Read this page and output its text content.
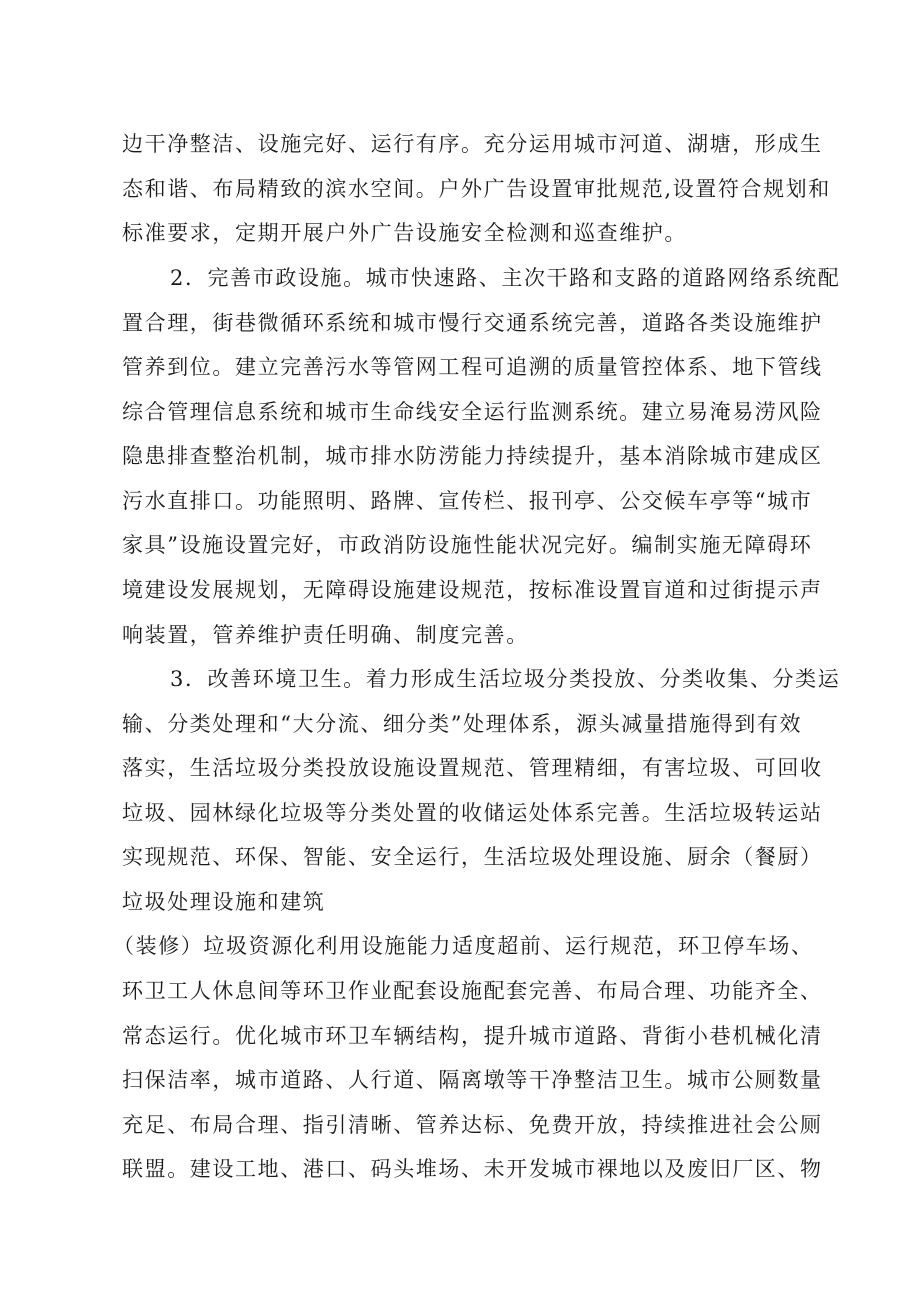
边干净整洁、设施完好、运行有序。充分运用城市河道、湖塘，形成生
态和谐、布局精致的滨水空间。户外广告设置审批规范,设置符合规划和
标准要求，定期开展户外广告设施安全检测和巡查维护。
2．完善市政设施。城市快速路、主次干路和支路的道路网络系统配
置合理，街巷微循环系统和城市慢行交通系统完善，道路各类设施维护
管养到位。建立完善污水等管网工程可追溯的质量管控体系、地下管线
综合管理信息系统和城市生命线安全运行监测系统。建立易淹易涝风险
隐患排查整治机制，城市排水防涝能力持续提升，基本消除城市建成区
污水直排口。功能照明、路牌、宣传栏、报刊亭、公交候车亭等“城市
家具”设施设置完好，市政消防设施性能状况完好。编制实施无障碍环
境建设发展规划，无障碍设施建设规范，按标准设置盲道和过街提示声
响装置，管养维护责任明确、制度完善。
3．改善环境卫生。着力形成生活垃圾分类投放、分类收集、分类运
输、分类处理和“大分流、细分类”处理体系，源头减量措施得到有效
落实，生活垃圾分类投放设施设置规范、管理精细，有害垃圾、可回收
垃圾、园林绿化垃圾等分类处置的收储运处体系完善。生活垃圾转运站
实现规范、环保、智能、安全运行，生活垃圾处理设施、厨余（餐厨）
垃圾处理设施和建筑
（装修）垃圾资源化利用设施能力适度超前、运行规范，环卫停车场、
环卫工人休息间等环卫作业配套设施配套完善、布局合理、功能齐全、
常态运行。优化城市环卫车辆结构，提升城市道路、背街小巷机械化清
扫保洁率，城市道路、人行道、隔离墩等干净整洁卫生。城市公厕数量
充足、布局合理、指引清晰、管养达标、免费开放，持续推进社会公厕
联盟。建设工地、港口、码头堆场、未开发城市裸地以及废旧厂区、物
